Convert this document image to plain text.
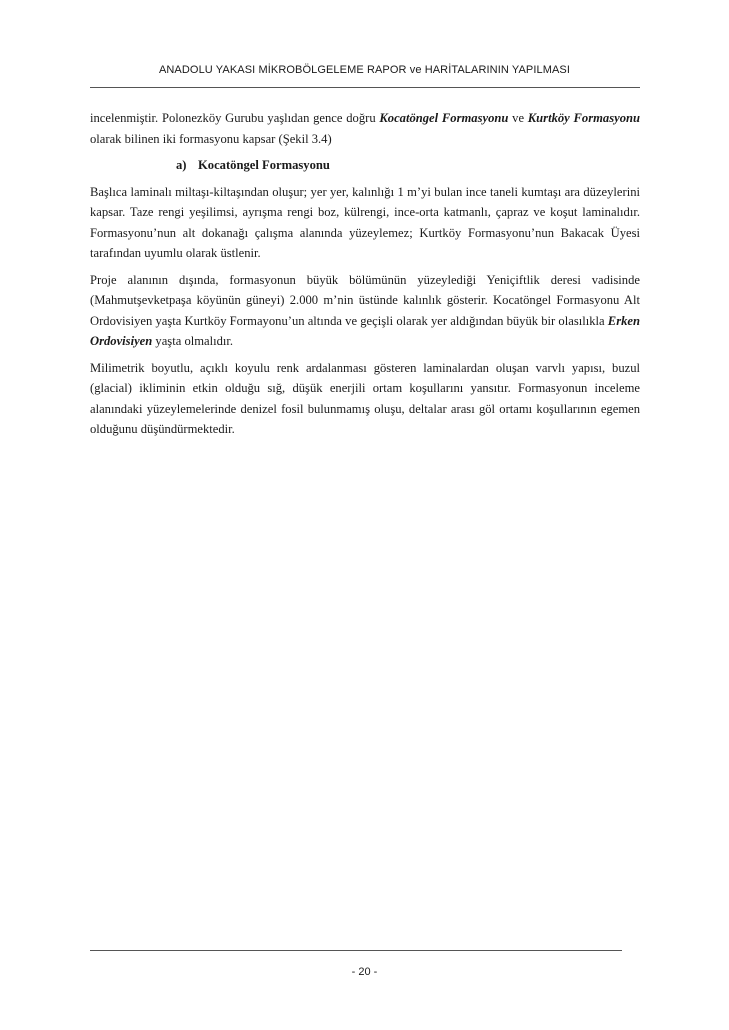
ANADOLU YAKASI MİKROBÖLGELEME RAPOR ve HARİTALARININ YAPILMASI

incelenmiştir. Polonezköy Gurubu yaşlıdan gence doğru Kocatöngel Formasyonu ve Kurtköy Formasyonu olarak bilinen iki formasyonu kapsar (Şekil 3.4)

a) Kocatöngel Formasyonu

Başlıca laminalı miltaşı-kiltaşından oluşur; yer yer, kalınlığı 1 m’yi bulan ince taneli kumtaşı ara düzeylerini kapsar. Taze rengi yeşilimsi, ayrışma rengi boz, külrengi, ince-orta katmanlı, çapraz ve koşut laminalıdır. Formasyonu’nun alt dokanağı çalışma alanında yüzeylemez; Kurtköy Formasyonu’nun Bakacak Üyesi tarafından uyumlu olarak üstlenir.

Proje alanının dışında, formasyonun büyük bölümünün yüzeylediği Yeniçiftlik deresi vadisinde (Mahmutşevketpaşa köyünün güneyi) 2.000 m’nin üstünde kalınlık gösterir. Kocatöngel Formasyonu Alt Ordovisiyen yaşta Kurtköy Formayonu’un altında ve geçişli olarak yer aldığından büyük bir olasılıkla Erken Ordovisiyen yaşta olmalıdır.

Milimetrik boyutlu, açıklı koyulu renk ardalanması gösteren laminalardan oluşan varvlı yapısı, buzul (glacial) ikliminin etkin olduğu sığ, düşük enerjili ortam koşullarını yansıtır. Formasyonun inceleme alanındaki yüzeylemelerinde denizel fosil bulunmamış oluşu, deltalar arası göl ortamı koşullarının egemen olduğunu düşündürmektedir.

- 20 -
